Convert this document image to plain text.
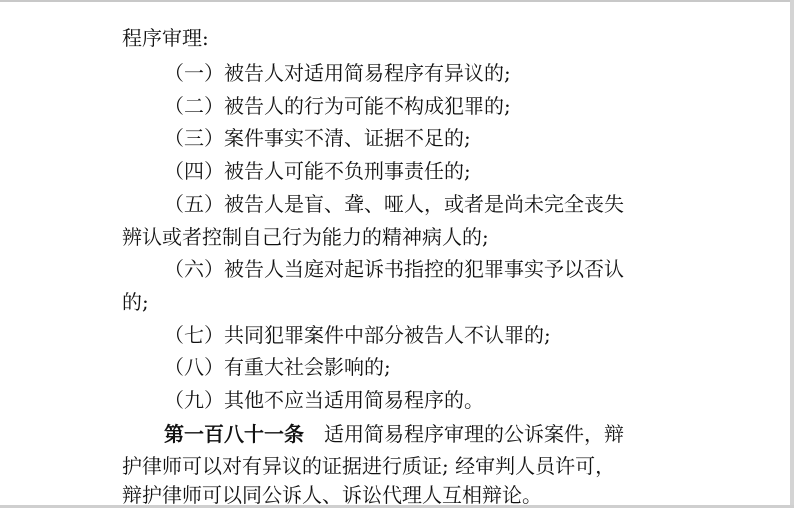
程序审理:
（一）被告人对适用简易程序有异议的;
（二）被告人的行为可能不构成犯罪的;
（三）案件事实不清、证据不足的;
（四）被告人可能不负刑事责任的;
（五）被告人是盲、聋、哑人，或者是尚未完全丧失
辨认或者控制自己行为能力的精神病人的;
（六）被告人当庭对起诉书指控的犯罪事实予以否认
的;
（七）共同犯罪案件中部分被告人不认罪的;
（八）有重大社会影响的;
（九）其他不应当适用简易程序的。
第一百八十一条 适用简易程序审理的公诉案件，辩
护律师可以对有异议的证据进行质证; 经审判人员许可，
辩护律师可以同公诉人、诉讼代理人互相辩论。
